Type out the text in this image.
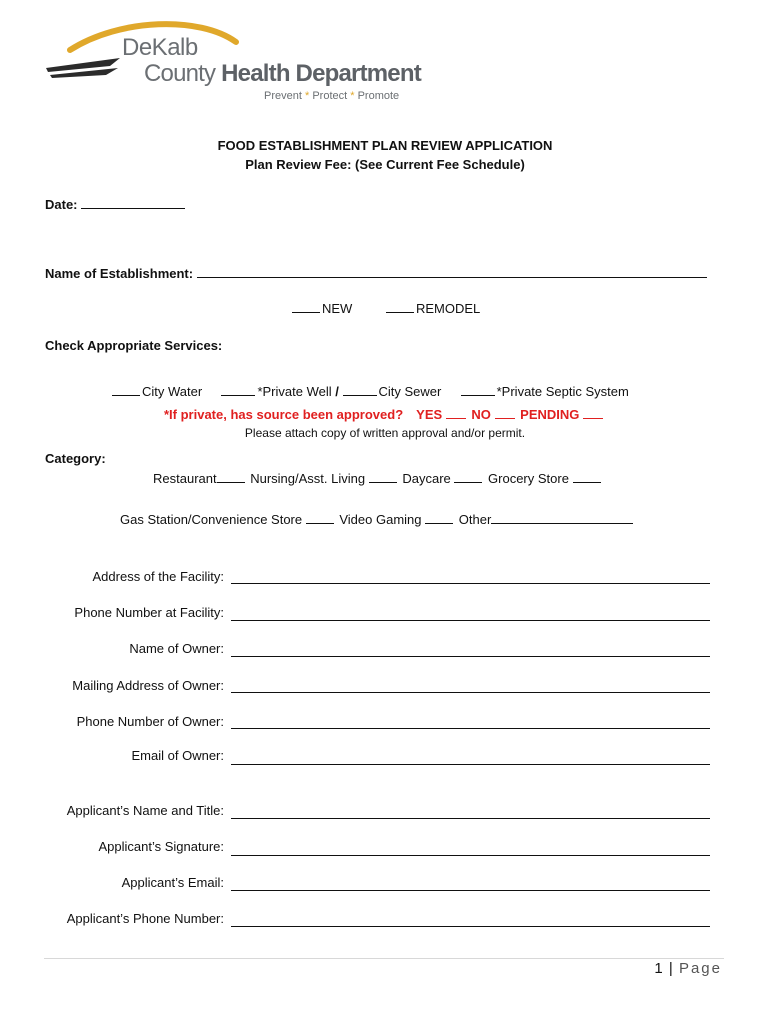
DeKalb
County Health Department
Prevent * Protect * Promote
FOOD ESTABLISHMENT PLAN REVIEW APPLICATION
Plan Review Fee: (See Current Fee Schedule)
Date:
Name of Establishment:
NEW	REMODEL
Check Appropriate Services:
City Water	*Private Well /	City Sewer	*Private Septic System
*If private, has source been approved? YES NO PENDING
Please attach copy of written approval and/or permit.
Category:
Restaurant	Nursing/Asst. Living	Daycare	Grocery Store
Gas Station/Convenience Store	Video Gaming	Other
Address of the Facility:
Phone Number at Facility:
Name of Owner:
Mailing Address of Owner:
Phone Number of Owner:
Email of Owner:
Applicant’s Name and Title:
Applicant’s Signature:
Applicant’s Email:
Applicant’s Phone Number:
1 | Page
